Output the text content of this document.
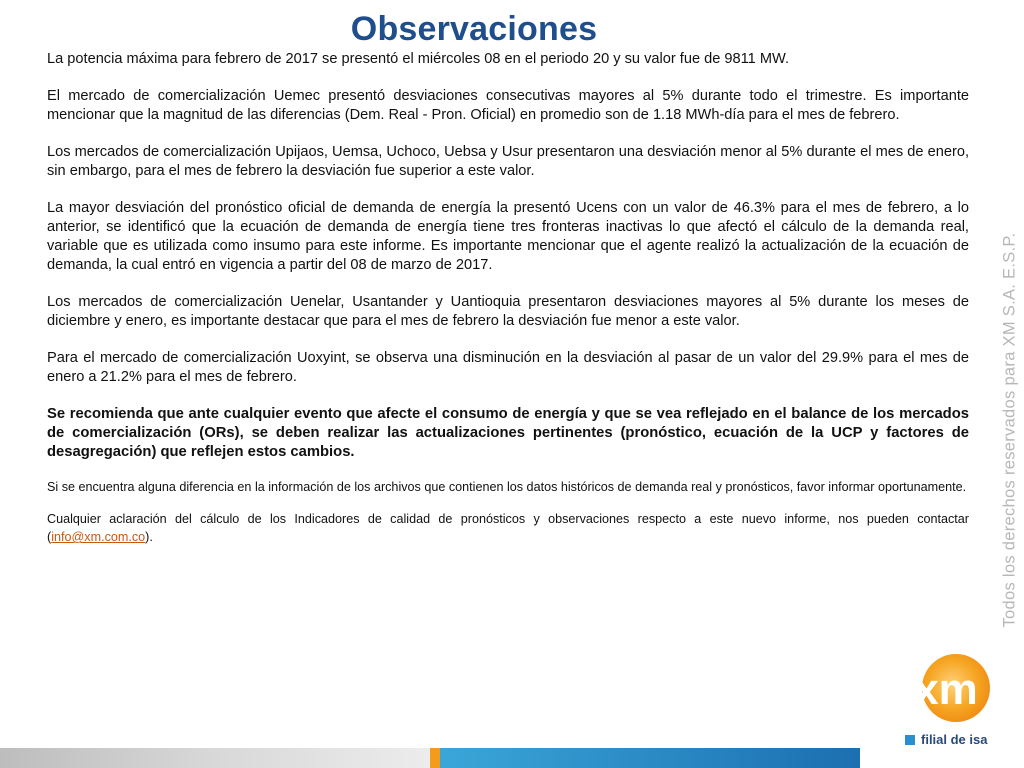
Observaciones

La potencia máxima para febrero de 2017 se presentó el miércoles 08 en el periodo 20 y su valor fue de 9811 MW.

El mercado de comercialización Uemec presentó desviaciones consecutivas mayores al 5% durante todo el trimestre. Es importante mencionar que la magnitud de las diferencias (Dem. Real - Pron. Oficial) en promedio son de 1.18 MWh-día para el mes de febrero.

Los mercados de comercialización Upijaos, Uemsa, Uchoco, Uebsa y Usur presentaron una desviación menor al 5% durante el mes de enero, sin embargo, para el mes de febrero la desviación fue superior a este valor.

La mayor desviación del pronóstico oficial de demanda de energía la presentó Ucens con un valor de 46.3% para el mes de febrero, a lo anterior, se identificó que la ecuación de demanda de energía tiene tres fronteras inactivas lo que afectó el cálculo de la demanda real, variable que es utilizada como insumo para este informe. Es importante mencionar que el agente realizó la actualización de la ecuación de demanda, la cual entró en vigencia a partir del 08 de marzo de 2017.

Los mercados de comercialización Uenelar, Usantander y Uantioquia presentaron desviaciones mayores al 5% durante los meses de diciembre y enero, es importante destacar que para el mes de febrero la desviación fue menor a este valor.

Para el mercado de comercialización Uoxyint, se observa una disminución en la desviación al pasar de un valor del 29.9% para el mes de enero a 21.2% para el mes de febrero.

Se recomienda que ante cualquier evento que afecte el consumo de energía y que se vea reflejado en el balance de los mercados de comercialización (ORs), se deben realizar las actualizaciones pertinentes (pronóstico, ecuación de la UCP y factores de desagregación) que reflejen estos cambios.

Si se encuentra alguna diferencia en la información de los archivos que contienen los datos históricos de demanda real y pronósticos, favor informar oportunamente.

Cualquier aclaración del cálculo de los Indicadores de calidad de pronósticos y observaciones respecto a este nuevo informe, nos pueden contactar (info@xm.com.co).	Todos los derechos reservados para XM S.A. E.S.P.
xm
filial de isa
